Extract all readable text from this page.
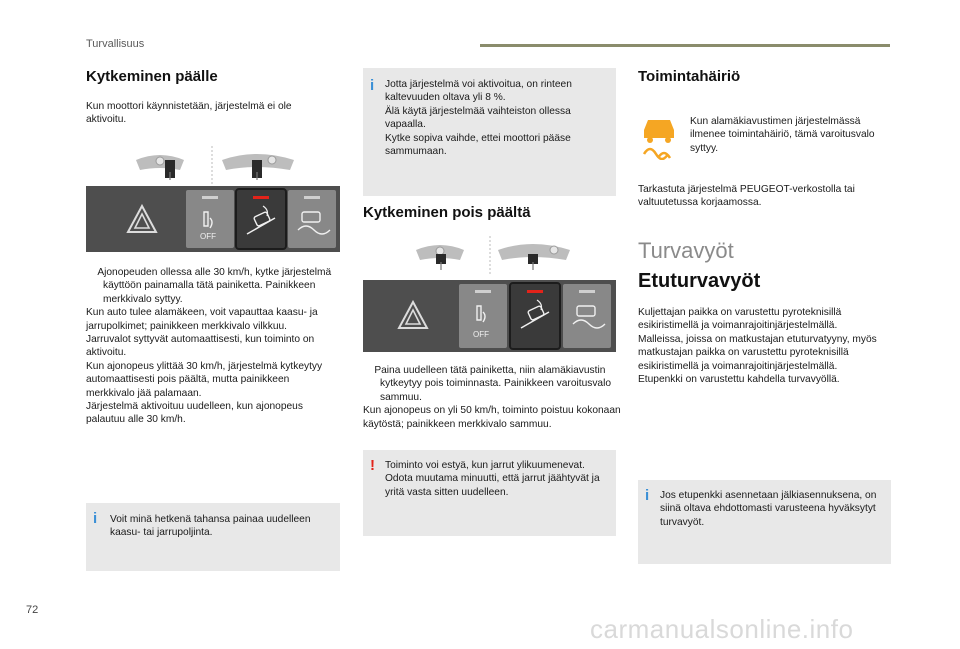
Turvallisuus
Kytkeminen päälle
Kun moottori käynnistetään, järjestelmä ei ole aktivoitu.
OFF

Ajonopeuden ollessa alle 30 km/h, kytke järjestelmä käyttöön painamalla tätä painiketta. Painikkeen merkkivalo syttyy.

Kun auto tulee alamäkeen, voit vapauttaa kaasu- ja jarrupolkimet; painikkeen merkkivalo vilkkuu.

Jarruvalot syttyvät automaattisesti, kun toiminto on aktivoitu.

Kun ajonopeus ylittää 30 km/h, järjestelmä kytkeytyy automaattisesti pois päältä, mutta painikkeen merkkivalo jää palamaan.

Järjestelmä aktivoituu uudelleen, kun ajonopeus palautuu alle 30 km/h.

i Voit minä hetkenä tahansa painaa uudelleen kaasu- tai jarrupoljinta.
i Jotta järjestelmä voi aktivoitua, on rinteen kaltevuuden oltava yli 8 %.

Älä käytä järjestelmää vaihteiston ollessa vapaalla.

Kytke sopiva vaihde, ettei moottori pääse sammumaan.

Kytkeminen pois päältä
OFF

Paina uudelleen tätä painiketta, niin alamäkiavustin kytkeytyy pois toiminnasta. Painikkeen varoitusvalo sammuu.

Kun ajonopeus on yli 50 km/h, toiminto poistuu kokonaan käytöstä; painikkeen merkkivalo sammuu.

! Toiminto voi estyä, kun jarrut ylikuumenevat. Odota muutama minuutti, että jarrut jäähtyvät ja yritä vasta sitten uudelleen.
Toimintahäiriö
Kun alamäkiavustimen järjestelmässä ilmenee toimintahäiriö, tämä varoitusvalo syttyy.
Tarkastuta järjestelmä PEUGEOT-verkostolla tai valtuutetussa korjaamossa.
Turvavyöt
Etuturvavyöt

Kuljettajan paikka on varustettu pyroteknisillä esikiristimellä ja voimanrajoitinjärjestelmällä.

Malleissa, joissa on matkustajan etuturvatyyny, myös matkustajan paikka on varustettu pyroteknisillä esikiristimellä ja voimanrajoitinjärjestelmällä.

Etupenkki on varustettu kahdella turvavyöllä.

i Jos etupenkki asennetaan jälkiasennuksena, on siinä oltava ehdottomasti varusteena hyväksytyt turvavyöt.
72
carmanualsonline.info
